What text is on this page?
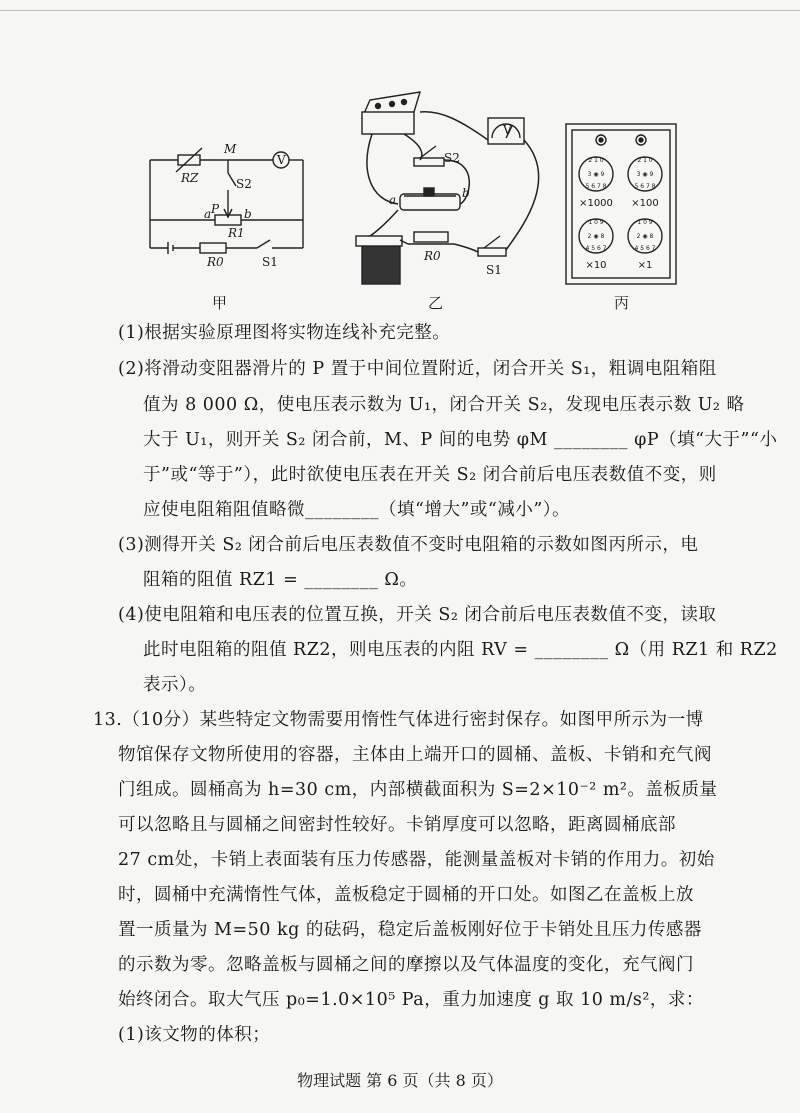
RZ
M
V
S2
P
a	b
R1
R0	S1
V
S2
a	b
R0
S1
2 1 0
3 ◉ 9
5 6 7 8
2 1 0
3 ◉ 9
5 6 7 8
1 0 9
2 ◉ 8
4 5 6 7
1 0 9
2 ◉ 8
4 5 6 7
×1000 ×100
×10	×1
甲	乙	丙
(1)根据实验原理图将实物连线补充完整。
(2)将滑动变阻器滑片的 P 置于中间位置附近，闭合开关 S₁，粗调电阻箱阻
值为 8 000 Ω，使电压表示数为 U₁，闭合开关 S₂，发现电压表示数 U₂ 略
大于 U₁，则开关 S₂ 闭合前，M、P 间的电势 φM ________ φP（填“大于”“小
于”或“等于”），此时欲使电压表在开关 S₂ 闭合前后电压表数值不变，则
应使电阻箱阻值略微________（填“增大”或“减小”）。
(3)测得开关 S₂ 闭合前后电压表数值不变时电阻箱的示数如图丙所示，电
阻箱的阻值 RZ1 = ________ Ω。
(4)使电阻箱和电压表的位置互换，开关 S₂ 闭合前后电压表数值不变，读取
此时电阻箱的阻值 RZ2，则电压表的内阻 RV = ________ Ω（用 RZ1 和 RZ2
表示）。
13.（10分）某些特定文物需要用惰性气体进行密封保存。如图甲所示为一博
物馆保存文物所使用的容器，主体由上端开口的圆桶、盖板、卡销和充气阀
门组成。圆桶高为 h=30 cm，内部横截面积为 S=2×10⁻² m²。盖板质量
可以忽略且与圆桶之间密封性较好。卡销厚度可以忽略，距离圆桶底部
27 cm处，卡销上表面装有压力传感器，能测量盖板对卡销的作用力。初始
时，圆桶中充满惰性气体，盖板稳定于圆桶的开口处。如图乙在盖板上放
置一质量为 M=50 kg 的砝码，稳定后盖板刚好位于卡销处且压力传感器
的示数为零。忽略盖板与圆桶之间的摩擦以及气体温度的变化，充气阀门
始终闭合。取大气压 p₀=1.0×10⁵ Pa，重力加速度 g 取 10 m/s²，求：
(1)该文物的体积；
物理试题 第 6 页（共 8 页）
